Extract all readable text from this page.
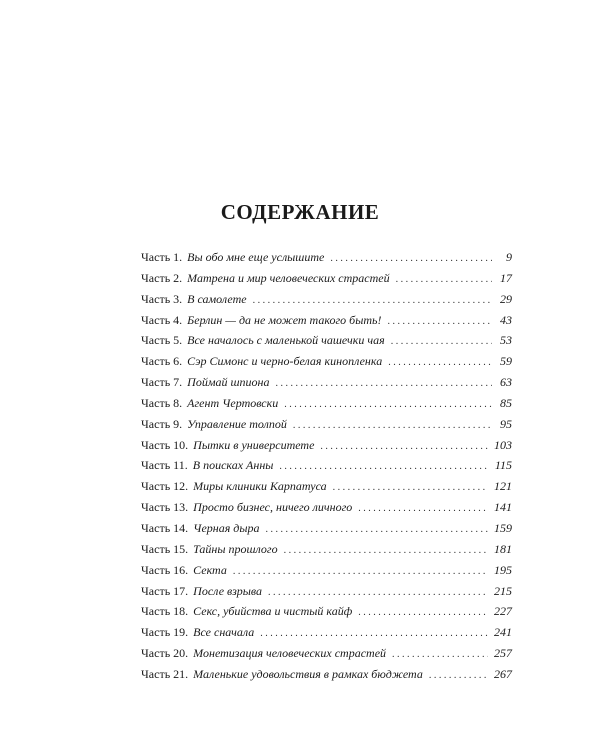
СОДЕРЖАНИЕ
Часть 1. Вы обо мне еще услышите . . .	9
Часть 2. Матрена и мир человеческих страстей . . .	17
Часть 3. В самолете . . .	29
Часть 4. Берлин — да не может такого быть! . . .	43
Часть 5. Все началось с маленькой чашечки чая . . .	53
Часть 6. Сэр Симонс и черно-белая кинопленка . . .	59
Часть 7. Поймай шпиона . . .	63
Часть 8. Агент Чертовски . . .	85
Часть 9. Управление толпой . . .	95
Часть 10. Пытки в университете . . .	103
Часть 11. В поисках Анны . . .	115
Часть 12. Миры клиники Карпатуса . . .	121
Часть 13. Просто бизнес, ничего личного . . .	141
Часть 14. Черная дыра . . .	159
Часть 15. Тайны прошлого . . .	181
Часть 16. Секта . . .	195
Часть 17. После взрыва . . .	215
Часть 18. Секс, убийства и чистый кайф . . .	227
Часть 19. Все сначала . . .	241
Часть 20. Монетизация человеческих страстей . . .	257
Часть 21. Маленькие удовольствия в рамках бюджета . . .	267
